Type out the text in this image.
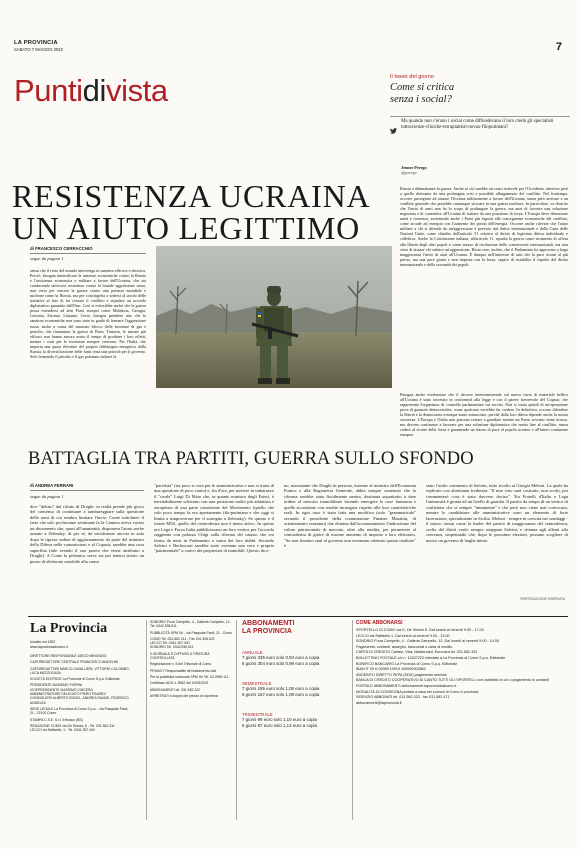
LA PROVINCIA
SABATO 7 MAGGIO 2022	7
Puntidivista	Il tweet del giorno
Come si critica
senza i social?
Ma quando non c'erano i social come diffondevano il loro credo gli specialisti tuttoscienze-cliniche-terrapiattisti-novax-filoputiniani?
Jenner Perego
@jperego
RESISTENZA UCRAINA
UN AIUTO LEGITTIMO
di FRANCESCO CERRACCHIO
segue da pagina 1
senza che il resto del mondo intervenga in maniera efficace e decisiva. Perciò, bisogna intensificare le sanzioni economiche contro la Russia e l'assistenza economica e militare a favore dell'Ucraina, che sta conducendo un'eroica resistenza contro la brutale aggressione russa, non certo per vincere la guerra contro una potenza mondiale e nucleare come la Russia, ma per costringerla a sedersi al tavolo delle trattative al fine di far cessare il conflitto e stipulare un accordo diplomatico garantito dall'Onu. Così si eviterebbe anche che la guerra possa estendersi ad altri Paesi europei come Moldavia, Georgia, Lettonia, Estonia, Lituania. Certo, bisogna prendere atto che le sanzioni economiche non sono state in grado di fermare l'aggressione russa, anche a causa del mancato blocco delle forniture di gas e petrolio, che finanziano la guerra di Putin. Tuttavia, le misure più efficaci non hanno ancora avuto il tempo di produrre i loro effetti, mentre i costi per le economie europee crescono. Per l'Italia, che importa una quota rilevante del proprio fabbisogno energetico dalla Russia, la diversificazione delle fonti resta una priorità per il governo. Solo fermando il petrolio e il gas potranno indurre la
Russia a abbandonare la guerra. Anche se ciò sarebbe un costo notevole per l'Occidente, inferiore però a quello derivante da una prolungata crisi e possibile allargamento del conflitto. Nel frattempo, occorre proseguire ad aiutare l'Ucraina militarmente a favore dell'Ucraina, senza però arrivare a un conflitto generale che potrebbe comunque sfociare in una guerra nucleare. In particolare, va chiarito che l'invio di armi non ha lo scopo di prolungare la guerra, ma anzi di favorire una soluzione negoziata e di consentire all'Ucraina di trattare da una posizione di forza. L'Europa deve dimostrare unità e coerenza, sostenendo anche i Paesi più esposti alle conseguenze economiche del conflitto, come accade ad esempio con l'aumento dei prezzi dell'energia. Occorre anche rilevare che l'aiuto militare a chi si difende da un'aggressione è previsto dal diritto internazionale e dalla Carta delle Nazioni Unite, come ribadito dall'articolo 51 relativo al diritto di legittima difesa individuale e collettiva. Anche la Costituzione italiana, all'articolo 11, ripudia la guerra come strumento di offesa alla libertà degli altri popoli e come mezzo di risoluzione delle controversie internazionali, ma non vieta di aiutare chi subisce un'aggressione. Resta vero, inoltre, che il Parlamento ha approvato a larga maggioranza l'invio di aiuti all'Ucraina. È dunque nell'interesse di tutti che la pace ritorni al più presto, ma una pace giusta e non imposta con la forza, capace di ristabilire il rispetto del diritto internazionale e della sovranità dei popoli.
Bisogna anche evidenziare che il decreto interministeriale sul nuovo invio di materiale bellico all'Ucraina è stato secretato in conformità alla legge e con il parere favorevole del Copasir, che rappresenta l'organismo di controllo parlamentare sui servizi. Non si tratta quindi di un'operazione priva di garanzie democratiche, come qualcuno vorrebbe far credere. In definitiva, occorre difendere la libertà e la democrazia ovunque siano minacciate, perché dalla loro difesa dipende anche la nostra sicurezza. L'Europa e l'Italia non possono restare a guardare mentre un Paese sovrano viene invaso, ma devono continuare a lavorare per una soluzione diplomatica che metta fine al conflitto, senza cedere al ricatto della forza e garantendo un futuro di pace al popolo ucraino e all'intero continente europeo.
BATTAGLIA TRA PARTITI, GUERRA SULLO SFONDO
di ANDREA FERRARI
segue da pagina 1
dice "deluso" dal rifiuto di Draghi: in realtà prende più gioco del consenso di continuare a tambureggiare sulla questione delle armi di cui sembra limitare l'invio. Come sottolineò il fatto che solo pochissime settimane fa la Camera aveva votato un documento che, quasi all'unanimità, disponeva l'aiuto anche armato a Zelensky: di per sé, da sottolineare ancora in aula dopo le riprese sedute di aggiornamento da parte del ministro della Difesa nelle commissioni e al Copasir, sarebbe una cosa superflua (tale avendo il suo potere che viene attribuito a Draghi). A Conte la polemica serve sia per tenersi stretto un pezzo di elettorato sensibile alla causa
"pacifista" (tra poco si vota per le amministrative e non si tratta di una questione di poco conto) e, fin d'ora, per mettere in imbarazzo il "rivale" Luigi Di Maio che, in quanto ministro degli Esteri, è inevitabilmente schierato con una posizione molto più atlantista e europeista di una parte consistente del Movimento (quello che solo poco tempo fa era apertamente filo-putiniana e che oggi si limita a rimproverare per il sostegno a Zelensky). Se questo è il fronte M5S, quello del centrodestra non è meno attivo. In queste ore Lega e Forza Italia pubblicizzano un loro vertice per l'accordo raggiunto con palazzo Chigi sulla riforma del catasto che era ferma da mesi in Parlamento a causa dei loro dubbi. Secondo Salvini e Berlusconi sarebbe stato sventata una vera e propria "patrimoniale" a carico dei proprietari di immobili. Questo dico-
no, nonostante che Draghi in persona, insieme al ministro dell'Economia Franco e alla Ragioneria Generale, abbia sempre sostenuto che la riforma sarebbe stata fiscalmente neutra, destinata soprattutto a dare ordine al mercato immobiliare facendo emergere le case fantasma e quelle accatastate con rendite incongrue rispetto alle loro caratteristiche reali. In ogni caso è stata fatta una modifica (solo "grammaticale" secondo il presidente della commissione Finanze Marattin, di orientamento renziano) che elimina dall'accatastamento l'indicazione del valore patrimoniale di mercato, oltre alla rendita, per permettere al centrodestra di gioire di esserne aumento di imposte a loro elettorato. "Se non fossimo stati al governo non avremmo ottenuto questo risultato" è
stato l'acido commento di Salvini, tutto rivolto ai Giorgia Meloni. La quale ha replicato con altrettanta fredtezza: "Il mio voto sarà costruito, non scritti, poi commenterò cosa è stato davvero deciso". Tra Fratelli d'Italia e Lega l'animosità è giunta ad un livello di guardia. Il partito da tempo di un vertice di coalizione che si sempre "imminente" e che però non viene mai convocato, mentre le candidature alle amministrative sono un elemento di forte lacerazione, specialmente in Sicilia. Meloni - sempre in crescita nei sondaggi - il nuovo ormai come la leader del partito di maggioranza del centrodestra, scelto del diritti vuole sempre strappata Salvini, e chiama agli alleati alla coerenza, sospettando che, dopo le prossime elezioni, possano scegliere di nuovo un governo di larghe intese.
©RIPRODUZIONE RISERVATA
La Provincia
fondato nel 1892
www.laprovinciadicomo.it
DIRETTORE RESPONSABILE DIEGO MINONZIO
CAPOREDATTORE CENTRALE FRANCESCO ANGELINI
CAPOREDATTORI MARCO CAVALLIERI, VITTORIO COLOMBO, LUCA MEZZOCASA
SOCIETÀ EDITRICE La Provincia di Como S.p.a. Editoriale
PRESIDENTE MASSIMO FIORINI
VICEPRESIDENTE MASSIMO CINCERA
AMMINISTRATORE DELEGATO PIERO PINARDI
CONSIGLIERI ALBERTO ENGEL, ANDREA RAVASI, FEDERICO ANGELINI
SEDE LEGALE La Provincia di Como S.p.a. - via Pasquale Paoli, 21 - 22100 Como
STAMPA C.S.E. S.r.l. Erbusco (BS)
REDAZIONE COMO via De Simoni, 6 - Tel. 031.582.311
LECCO via Raffaello, 1 - Tel. 0341.357.400
SONDRIO P.zza Campello, 4 - Galleria Campello, 12 - Tel. 0342.535.511
PUBBLICITÀ SPM Srl - via Pasquale Paoli, 21 - Como
COMO Tel. 031.582.211 - Fax 031.526.621
LECCO Tel. 0341.357.400
SONDRIO Tel. 0342.535.511
Il GIORNALE È DIFFUSO A TIRATURA CONTROLLATA
Registrazione n. 5 del Tribunale di Como
PRIVACY Responsabile del trattamento dati
Per la pubblicità nazionale SPM Srl Tel. 02.4959.111
Certificato ADS n. 8962 del 10/05/2021
ABBONAMENTI tel. 031.582.222
ARRETRATI il doppio del prezzo di copertina
ABBONAMENTI
LA PROVINCIA
ANNUALE
7 giorni 335 euro solo 0,93 euro a copia
6 giorni 304 euro solo 0,99 euro a copia
SEMESTRALE
7 giorni 195 euro solo 1,08 euro a copia
6 giorni 167 euro solo 1,08 euro a copia
TRIMESTRALE
7 giorni 99 euro solo 1,10 euro a copia
6 giorni 87 euro solo 1,13 euro a copia
COME ABBONARSI
SPORTELLO DI COMO via G. De Simoni 6. Dal lunedì al venerdì 9.00 - 17.00
LECCO via Raffaello 1. Dal lunedì al venerdì 9.00 - 13.00
SONDRIO P.zza Campello, 4 - Galleria Campello, 12. Dal lunedì al venerdì 9.00 - 14.00
Pagamento: contanti, assegno, bancomat o carta di credito
CARTA DI CREDITO Cartasì, Visa, Mastercard, Eurocard tel. 031.582.333
BOLLETTINO POSTALE c/c n. 10327222 intestato a La Provincia di Como S.p.a. Editoriale
BONIFICO BANCARIO La Provincia di Como S.p.a. Editoriale
IBAN IT 09 K 03069 10910 100000002863
ADDEBITO DIRETTO SEPA (SDD) pagamento mensile
BANCA DI CREDITO COOPERATIVO DI CANTÙ TUTTI GLI SPORTELLI con addebito in c/c o pagamento in contanti
PORTALE ABBONAMENTI abbonamenti.laprovinciadicomo.it
MODALITÀ DI CONSEGNA portata a casa nei comuni di Como e provincia
SERVIZIO ABBONATI tel. 031.582.333 - fax 031.582.471
abbonamenti@laprovincia.it
